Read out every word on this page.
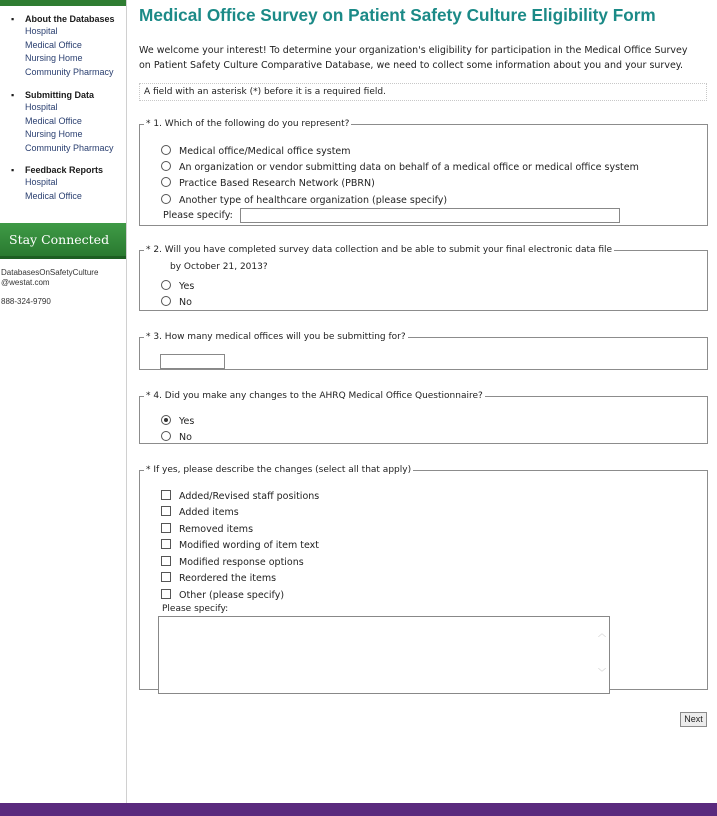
▪ About the Databases
Hospital
Medical Office
Nursing Home
Community Pharmacy
▪ Submitting Data
Hospital
Medical Office
Nursing Home
Community Pharmacy
▪ Feedback Reports
Hospital
Medical Office
Stay Connected
DatabasesOnSafetyCulture
@westat.com
888-324-9790
Medical Office Survey on Patient Safety Culture Eligibility Form
We welcome your interest! To determine your organization's eligibility for participation in the Medical Office Survey on Patient Safety Culture Comparative Database, we need to collect some information about you and your survey.
A field with an asterisk (*) before it is a required field.
* 1. Which of the following do you represent?
Medical office/Medical office system
An organization or vendor submitting data on behalf of a medical office or medical office system
Practice Based Research Network (PBRN)
Another type of healthcare organization (please specify)
Please specify:
* 2. Will you have completed survey data collection and be able to submit your final electronic data file
by October 21, 2013?
Yes
No
* 3. How many medical offices will you be submitting for?
* 4. Did you make any changes to the AHRQ Medical Office Questionnaire?
Yes
No
* If yes, please describe the changes (select all that apply)
Added/Revised staff positions
Added items
Removed items
Modified wording of item text
Modified response options
Reordered the items
Other (please specify)
Please specify:
︿
﹀
Next
